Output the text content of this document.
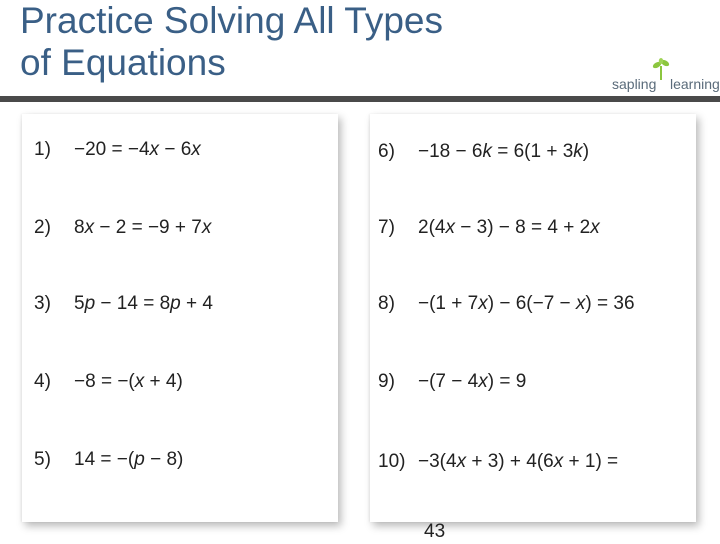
Practice Solving All Types
of Equations
sapling learning
1) −20 = −4x − 6x
2) 8x − 2 = −9 + 7x
3) 5p − 14 = 8p + 4
4) −8 = −(x + 4)
5) 14 = −(p − 8)
6) −18 − 6k = 6(1 + 3k)
7) 2(4x − 3) − 8 = 4 + 2x
8) −(1 + 7x) − 6(−7 − x) = 36
9) −(7 − 4x) = 9
10) −3(4x + 3) + 4(6x + 1) =
43
